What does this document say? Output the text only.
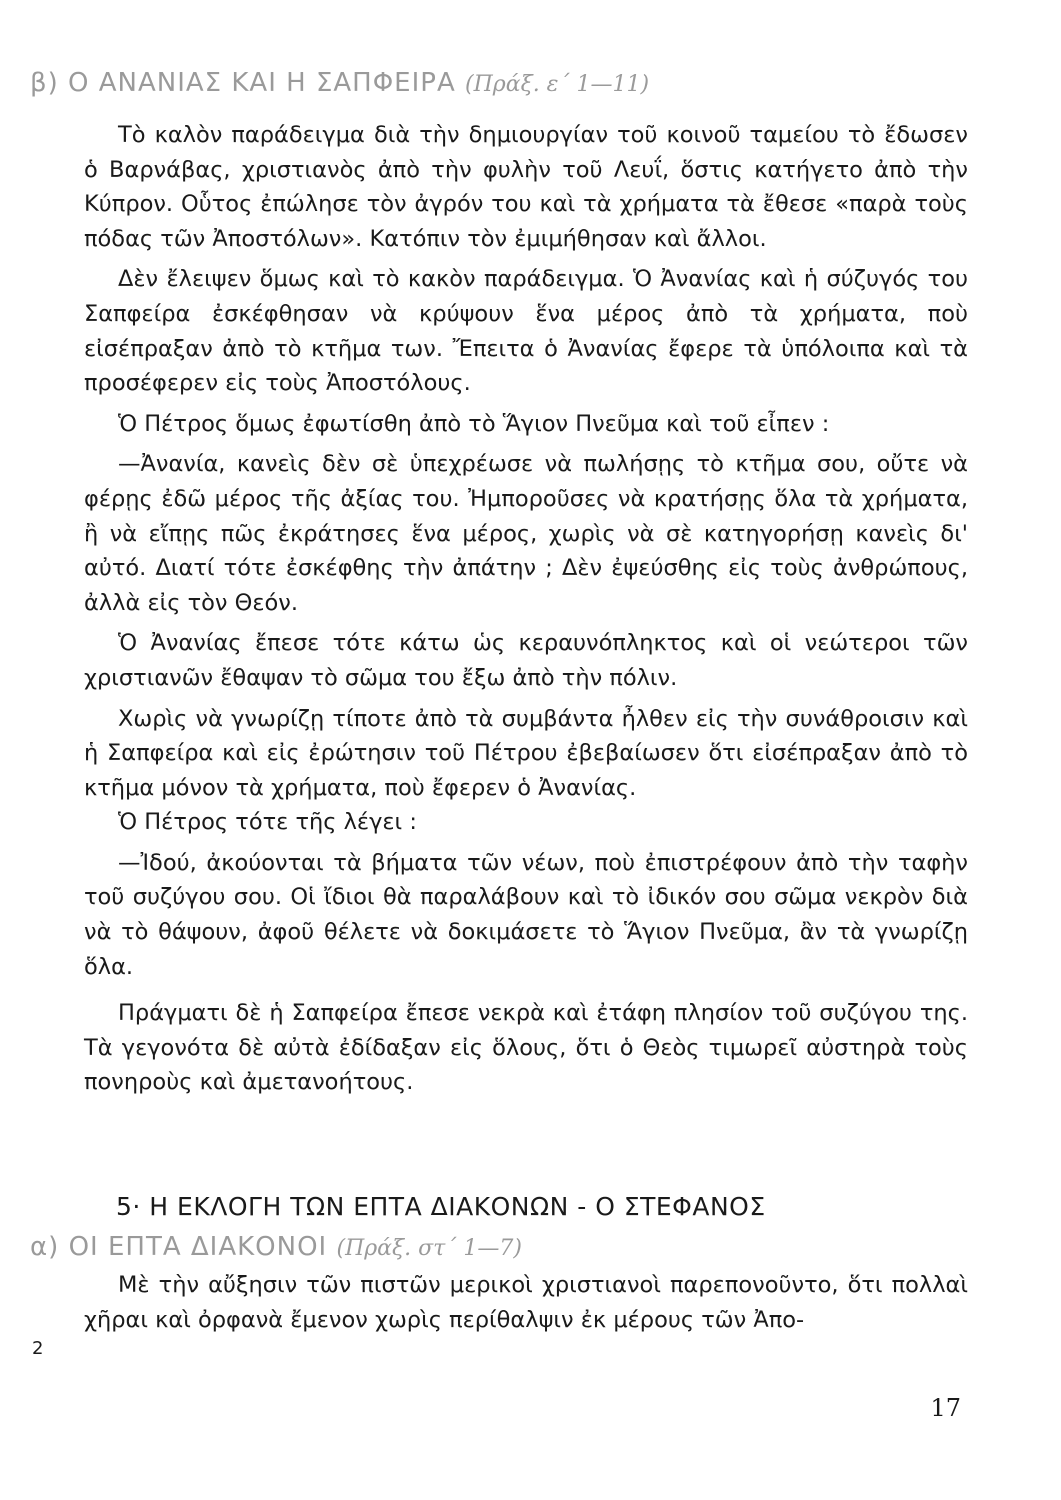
β) Ο ΑΝΑΝΙΑΣ ΚΑΙ Η ΣΑΠΦΕΙΡΑ (Πράξ. ε΄ 1—11)

Τὸ καλὸν παράδειγμα διὰ τὴν δημιουργίαν τοῦ κοινοῦ ταμείου τὸ ἔδωσεν ὁ Βαρνάβας, χριστιανὸς ἀπὸ τὴν φυλὴν τοῦ Λευΐ, ὅστις κατήγετο ἀπὸ τὴν Κύπρον. Οὗτος ἐπώλησε τὸν ἀγρόν του καὶ τὰ χρήματα τὰ ἔθεσε «παρὰ τοὺς πόδας τῶν Ἀποστόλων». Κατόπιν τὸν ἐμιμήθησαν καὶ ἄλλοι.

Δὲν ἔλειψεν ὅμως καὶ τὸ κακὸν παράδειγμα. Ὁ Ἀνανίας καὶ ἡ σύζυγός του Σαπφείρα ἐσκέφθησαν νὰ κρύψουν ἕνα μέρος ἀπὸ τὰ χρήματα, ποὺ εἰσέπραξαν ἀπὸ τὸ κτῆμα των. Ἔπειτα ὁ Ἀνανίας ἔφερε τὰ ὑπόλοιπα καὶ τὰ προσέφερεν εἰς τοὺς Ἀποστόλους.

Ὁ Πέτρος ὅμως ἐφωτίσθη ἀπὸ τὸ Ἅγιον Πνεῦμα καὶ τοῦ εἶπεν :

—Ἀνανία, κανεὶς δὲν σὲ ὑπεχρέωσε νὰ πωλήσῃς τὸ κτῆμα σου, οὔτε νὰ φέρῃς ἐδῶ μέρος τῆς ἀξίας του. Ἠμποροῦσες νὰ κρατήσῃς ὅλα τὰ χρήματα, ἢ νὰ εἴπῃς πῶς ἐκράτησες ἕνα μέρος, χωρὶς νὰ σὲ κατηγορήσῃ κανεὶς δι' αὐτό. Διατί τότε ἐσκέφθης τὴν ἀπάτην ; Δὲν ἐψεύσθης εἰς τοὺς ἀνθρώπους, ἀλλὰ εἰς τὸν Θεόν.

Ὁ Ἀνανίας ἔπεσε τότε κάτω ὡς κεραυνόπληκτος καὶ οἱ νεώτεροι τῶν χριστιανῶν ἔθαψαν τὸ σῶμα του ἔξω ἀπὸ τὴν πόλιν.

Χωρὶς νὰ γνωρίζῃ τίποτε ἀπὸ τὰ συμβάντα ἦλθεν εἰς τὴν συνάθροισιν καὶ ἡ Σαπφείρα καὶ εἰς ἐρώτησιν τοῦ Πέτρου ἐβεβαίωσεν ὅτι εἰσέπραξαν ἀπὸ τὸ κτῆμα μόνον τὰ χρήματα, ποὺ ἔφερεν ὁ Ἀνανίας.

Ὁ Πέτρος τότε τῆς λέγει :

—Ἰδού, ἀκούονται τὰ βήματα τῶν νέων, ποὺ ἐπιστρέφουν ἀπὸ τὴν ταφὴν τοῦ συζύγου σου. Οἱ ἴδιοι θὰ παραλάβουν καὶ τὸ ἰδικόν σου σῶμα νεκρὸν διὰ νὰ τὸ θάψουν, ἀφοῦ θέλετε νὰ δοκιμάσετε τὸ Ἅγιον Πνεῦμα, ἂν τὰ γνωρίζῃ ὅλα.

Πράγματι δὲ ἡ Σαπφείρα ἔπεσε νεκρὰ καὶ ἐτάφη πλησίον τοῦ συζύγου της. Τὰ γεγονότα δὲ αὐτὰ ἐδίδαξαν εἰς ὅλους, ὅτι ὁ Θεὸς τιμωρεῖ αὐστηρὰ τοὺς πονηροὺς καὶ ἀμετανοήτους.

5· Η ΕΚΛΟΓΗ ΤΩΝ ΕΠΤΑ ΔΙΑΚΟΝΩΝ - Ο ΣΤΕΦΑΝΟΣ
α) ΟΙ ΕΠΤΑ ΔΙΑΚΟΝΟΙ (Πράξ. στ΄ 1—7)

Μὲ τὴν αὔξησιν τῶν πιστῶν μερικοὶ χριστιανοὶ παρεπονοῦντο, ὅτι πολλαὶ χῆραι καὶ ὀρφανὰ ἔμενον χωρὶς περίθαλψιν ἐκ μέρους τῶν Ἀπο-

2
17
